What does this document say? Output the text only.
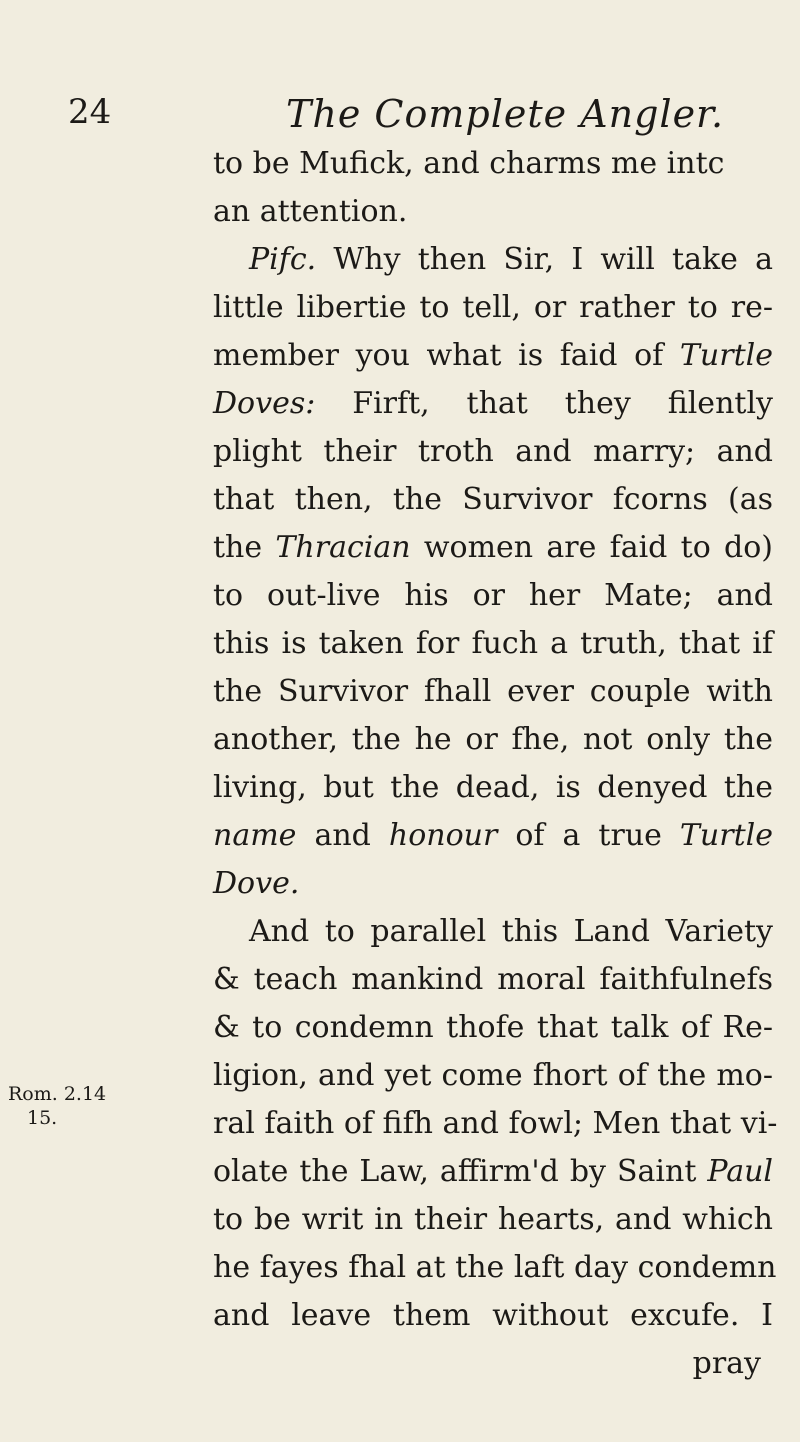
24	The Complete Angler.
Rom. 2.14
15.
to be Mufick, and charms me intc
an attention.
Pifc. Why then Sir, I will take a
little libertie to tell, or rather to re-
member you what is faid of Turtle
Doves: Firft, that they filently
plight their troth and marry; and
that then, the Survivor fcorns (as
the Thracian women are faid to do)
to out-live his or her Mate; and
this is taken for fuch a truth, that if
the Survivor fhall ever couple with
another, the he or fhe, not only the
living, but the dead, is denyed the
name and honour of a true Turtle
Dove.
And to parallel this Land Variety
& teach mankind moral faithfulnefs
& to condemn thofe that talk of Re-
ligion, and yet come fhort of the mo-
ral faith of fifh and fowl; Men that vi-
olate the Law, affirm'd by Saint Paul
to be writ in their hearts, and which
he fayes fhal at the laft day condemn
and leave them without excufe. I
pray
